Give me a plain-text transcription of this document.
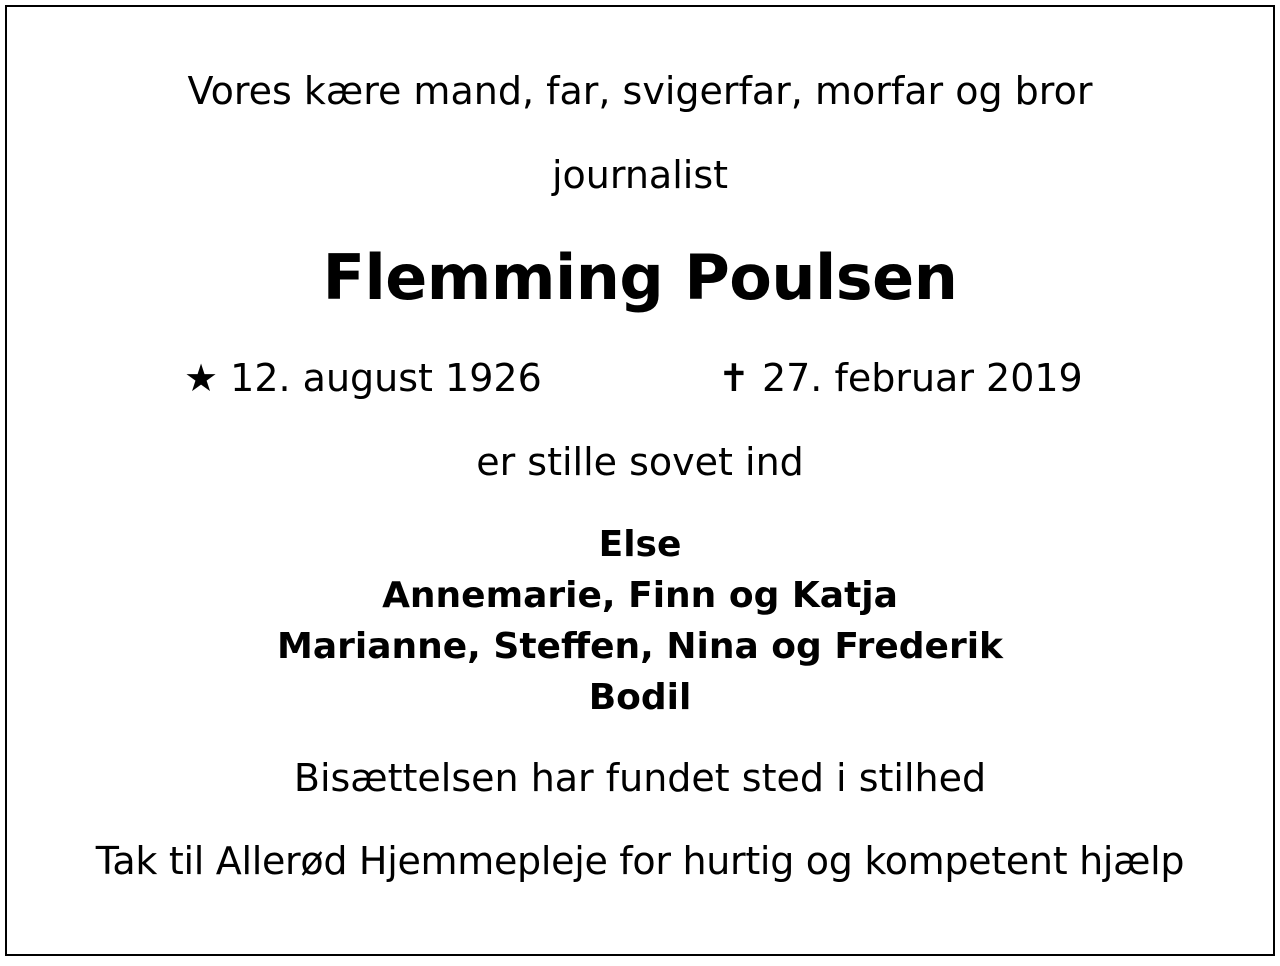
Vores kære mand, far, svigerfar, morfar og bror
journalist
Flemming Poulsen
★ 12. august 1926	✝ 27. februar 2019
er stille sovet ind
Else
Annemarie, Finn og Katja
Marianne, Steffen, Nina og Frederik
Bodil
Bisættelsen har fundet sted i stilhed
Tak til Allerød Hjemmepleje for hurtig og kompetent hjælp
